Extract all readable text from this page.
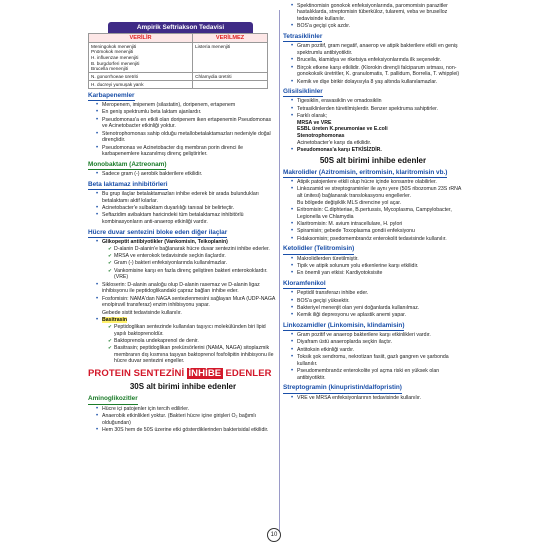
Ampirik Seftriakson Tedavisi
VERİLİR	VERİLMEZ

Meningokok menenjiti
Pnömokok menenjiti
H. influenzae menenjiti
B. burgdorferi menenjiti
Brucella menenjiti	Listeria menenjiti
N. gonorrhoeae üretriti	Chlamydia üretriti
H. ducreyi yumuşak yarık	
Karbapenemler
• Meropenem, imipenem (silastatin), doripenem, ertapenem
• En geniş spektrumlu beta laktam ajanlardır.
• Pseudomonas'a en etkili olan doripenem iken ertapenemin Pseudomonas ve Acinetobacter etkinliği yoktur.
• Stenotrophomonas sahip olduğu metallobetalaktamazları nedeniyle doğal dirençlidir.
• Pseudomonas ve Acinetobacter dış membran porin direnci ile karbapenemlere kazanılmış direnç geliştirirler.
Monobaktam (Aztreonam)
• Sadece gram (-) aerobik bakterilere etkilidir.
Beta laktamaz inhibitörleri
• Bu grup ilaçlar betalaktamazları inhibe ederek bir arada bulundukları betalaktamı aktif kılarlar.
• Acinetobacter'e sulbaktam duyarlılığı tanısal bir belirteçtir.
• Seftazidim avibaktam haricindeki tüm betalaktamaz inhibitörlü kombinasyonların anti-anaerop etkinliği vardır.
Hücre duvar sentezini bloke eden diğer ilaçlar
• Glikopeptit antibiyotikler (Vankomisin, Teikoplanin)
✔ D-alanin D-alanin'e bağlanarak hücre duvar sentezini inhibe ederler.
✔ MRSA ve enterokok tedavisinde seçkin ilaçlardır.
✔ Gram (-) bakteri enfeksiyonlarında kullanılmazlar.
✔ Vankomisine karşı en fazla direnç geliştiren bakteri enterokoklardır. (VRE)
• Sikloserin: D-alanin analoğu olup D-alanin rasemaz ve D-alanin ligaz inhibisyonu ile peptidoglikandaki çapraz bağları inhibe eder.
• Fosfomisin: NAMA'dan NAGA sentezlenmesini sağlayan MurA (UDP-NAGA enolpiruvil transferaz) enzim inhibisyonu yapar.
Gebede sistit tedavisinde kullanılır.
• Basitrasin
✔ Peptidoglikan sentezinde kullanılan taşıyıcı molekülünden biri lipid yapılı baktoprenoldür.
✔ Baktoprenola undekaprenol de denir.
✔ Basitrasin; peptidoglikan prekürsörlerini (NAMA, NAGA) sitoplazmik membranın dış kısmına taşıyan baktoprenol fosfolipitin inhibisyonu ile hücre duvar sentezini engeller.
PROTEIN SENTEZİNİ İNHİBE EDENLER
30S alt birimi inhibe edenler
Aminoglikozitler
• Hücre içi patojenler için tercih edilirler.
• Anaerobik etkinlikleri yoktur. (Bakteri hücre içine girişleri O₂ bağımlı olduğundan)
• Hem 30S hem de 50S üzerine etki gösterdiklerinden bakterisidal etkilidir.
• Spektinomisin gonokok enfeksiyonlarında, paromomisin parazitler hastalıklarda, streptomisin tüberküloz, tularemi, veba ve bruselloz tedavisinde kullanılır.
• BOS'a geçişi çok azdır.
Tetrasiklinler
• Gram pozitif, gram negatif, anaerop ve atipik bakterilere etkili en geniş spektrumlu antibiyotiktir.
• Brucella, klamidya ve riketsiya enfeksiyonlarında ilk seçenektir.
• Birçok etkene karşı etkilidir. (Klorokin dirençli falciparum sıtması, non-gonokoksik üretritler, K. granulomatis, T. pallidum, Borrelia, T. whipplei)
• Kemik ve dişe birikir dolayısıyla 8 yaş altında kullanılamazlar.
Glisilsiklinler
• Tigesiklin, eravasiklin ve omadosiklin
• Tetrasiklinlerden türetilmişlerdir. Benzer spektruma sahiptirler.
• Farklı olarak;
MRSA ve VRE
ESBL üreten K.pneumoniae ve E.coli
Stenotrophomonas
Acinetobacter'e karşı da etkilidir.
• Pseudomonas'a karşı ETKİSİZDİR.
50S alt birimi inhibe edenler
Makrolidler (Azitromisin, eritromisin, klaritromisin vb.)
• Atipik patojenlere etkili olup hücre içinde konsantre olabilirler.
• Linkozamid ve streptograminler ile aynı yere (50S ribozomun 23S rRNA alt ünitesi) bağlanarak translokasyonu engellerler.
Bu bölgede değişiklik MLS direncine yol açar.
• Eritromisin: C.diphteriae, B.pertussis, Mycoplasma, Campylobacter, Legionella ve Chlamydia
• Klaritromisin: M. avium intracellulare, H. pylori
• Spiramisin; gebede Toxoplasma gondii enfeksiyonu
• Fidaksomisin; psedomembranöz enterokolit tedavisinde kullanılır.
Ketolidler (Telitromisin)
• Makrolidlerden türetilmiştir.
• Tipik ve atipik solunum yolu etkenlerine karşı etkilidir.
• En önemli yan etkisi: Kardiyotoksisite
Kloramfenikol
• Peptidil transferazı inhibe eder.
• BOS'a geçişi yüksektir.
• Bakteriyel menenjit olan yeni doğanlarda kullanılmaz.
• Kemik iliği depresyonu ve aplastik anemi yapar.
Linkozamidler (Linkomisin, klindamisin)
• Gram pozitif ve anaerop bakterilere karşı etkinlikleri vardır.
• Diyafram üstü anaeroplarda seçkin ilaçtır.
• Antitoksin etkinliği vardır.
• Toksik şok sendromu, nekrotizan fasiit, gazlı gangren ve şarbonda kullanılır.
• Pseudomembranöz enterokolite yol açma riski en yüksek olan antibiyotiktir.
Streptogramin (kinupristin/dalfopristin)
• VRE ve MRSA enfeksiyonlarının tedavisinde kullanılır.
10
